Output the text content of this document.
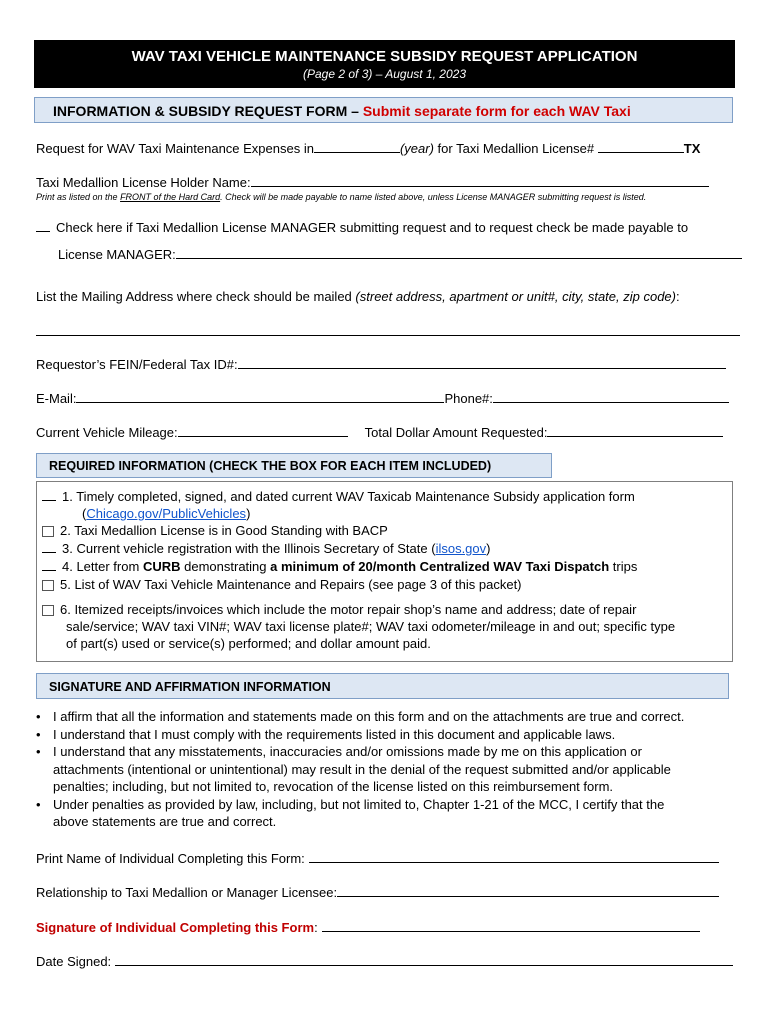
WAV TAXI VEHICLE MAINTENANCE SUBSIDY REQUEST APPLICATION
(Page 2 of 3) – August 1, 2023
INFORMATION & SUBSIDY REQUEST FORM – Submit separate form for each WAV Taxi
Request for WAV Taxi Maintenance Expenses in	(year) for Taxi Medallion License#	TX
Taxi Medallion License Holder Name:
Print as listed on the FRONT of the Hard Card. Check will be made payable to name listed above, unless License MANAGER submitting request is listed.
Check here if Taxi Medallion License MANAGER submitting request and to request check be made payable to
License MANAGER:
List the Mailing Address where check should be mailed (street address, apartment or unit#, city, state, zip code):
Requestor’s FEIN/Federal Tax ID#:
E-Mail:	Phone#:
Current Vehicle Mileage:	Total Dollar Amount Requested:
REQUIRED INFORMATION (CHECK THE BOX FOR EACH ITEM INCLUDED)
1. Timely completed, signed, and dated current WAV Taxicab Maintenance Subsidy application form
(Chicago.gov/PublicVehicles)
2. Taxi Medallion License is in Good Standing with BACP
3. Current vehicle registration with the Illinois Secretary of State (ilsos.gov)
4. Letter from CURB demonstrating a minimum of 20/month Centralized WAV Taxi Dispatch trips
5. List of WAV Taxi Vehicle Maintenance and Repairs (see page 3 of this packet)
6. Itemized receipts/invoices which include the motor repair shop’s name and address; date of repair
sale/service; WAV taxi VIN#; WAV taxi license plate#; WAV taxi odometer/mileage in and out; specific type
of part(s) used or service(s) performed; and dollar amount paid.
SIGNATURE AND AFFIRMATION INFORMATION
• I affirm that all the information and statements made on this form and on the attachments are true and correct.
• I understand that I must comply with the requirements listed in this document and applicable laws.
• I understand that any misstatements, inaccuracies and/or omissions made by me on this application or
attachments (intentional or unintentional) may result in the denial of the request submitted and/or applicable
penalties; including, but not limited to, revocation of the license listed on this reimbursement form.
• Under penalties as provided by law, including, but not limited to, Chapter 1-21 of the MCC, I certify that the
above statements are true and correct.
Print Name of Individual Completing this Form:
Relationship to Taxi Medallion or Manager Licensee:
Signature of Individual Completing this Form:
Date Signed:
